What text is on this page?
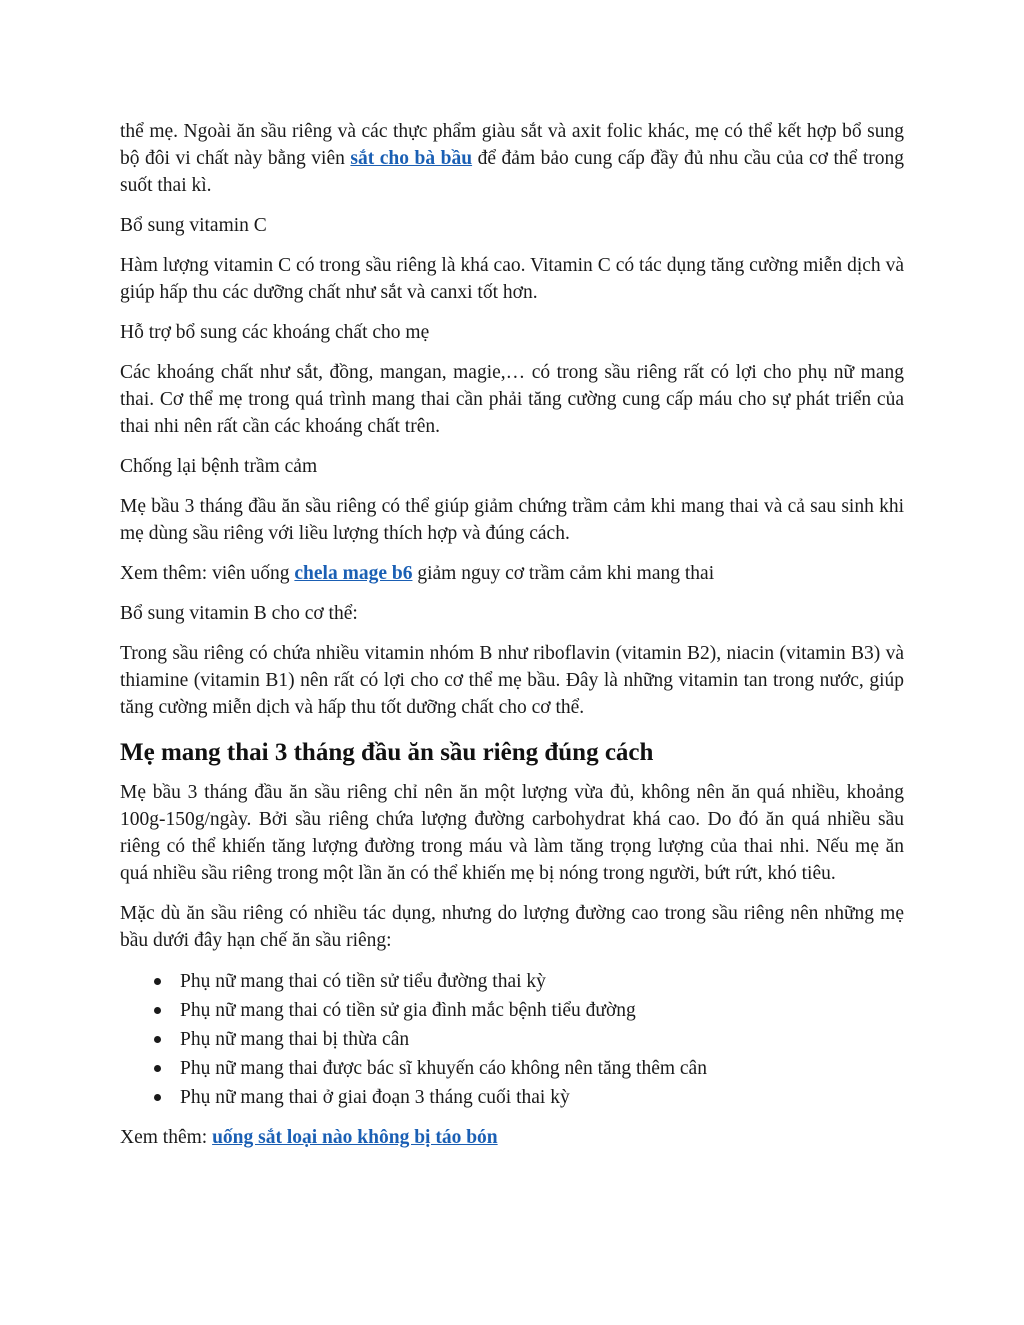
thể mẹ. Ngoài ăn sầu riêng và các thực phẩm giàu sắt và axit folic khác, mẹ có thể kết hợp bổ sung bộ đôi vi chất này bằng viên sắt cho bà bầu để đảm bảo cung cấp đầy đủ nhu cầu của cơ thể trong suốt thai kì.

Bổ sung vitamin C

Hàm lượng vitamin C có trong sầu riêng là khá cao. Vitamin C có tác dụng tăng cường miễn dịch và giúp hấp thu các dưỡng chất như sắt và canxi tốt hơn.

Hỗ trợ bổ sung các khoáng chất cho mẹ

Các khoáng chất như sắt, đồng, mangan, magie,… có trong sầu riêng rất có lợi cho phụ nữ mang thai. Cơ thể mẹ trong quá trình mang thai cần phải tăng cường cung cấp máu cho sự phát triển của thai nhi nên rất cần các khoáng chất trên.

Chống lại bệnh trầm cảm

Mẹ bầu 3 tháng đầu ăn sầu riêng có thể giúp giảm chứng trầm cảm khi mang thai và cả sau sinh khi mẹ dùng sầu riêng với liều lượng thích hợp và đúng cách.

Xem thêm: viên uống chela mage b6 giảm nguy cơ trầm cảm khi mang thai

Bổ sung vitamin B cho cơ thể:

Trong sầu riêng có chứa nhiều vitamin nhóm B như riboflavin (vitamin B2), niacin (vitamin B3) và thiamine (vitamin B1) nên rất có lợi cho cơ thể mẹ bầu. Đây là những vitamin tan trong nước, giúp tăng cường miễn dịch và hấp thu tốt dưỡng chất cho cơ thể.

Mẹ mang thai 3 tháng đầu ăn sầu riêng đúng cách

Mẹ bầu 3 tháng đầu ăn sầu riêng chỉ nên ăn một lượng vừa đủ, không nên ăn quá nhiều, khoảng 100g-150g/ngày. Bởi sầu riêng chứa lượng đường carbohydrat khá cao. Do đó ăn quá nhiều sầu riêng có thể khiến tăng lượng đường trong máu và làm tăng trọng lượng của thai nhi. Nếu mẹ ăn quá nhiều sầu riêng trong một lần ăn có thể khiến mẹ bị nóng trong người, bứt rứt, khó tiêu.

Mặc dù ăn sầu riêng có nhiều tác dụng, nhưng do lượng đường cao trong sầu riêng nên những mẹ bầu dưới đây hạn chế ăn sầu riêng:

Phụ nữ mang thai có tiền sử tiểu đường thai kỳ
Phụ nữ mang thai có tiền sử gia đình mắc bệnh tiểu đường
Phụ nữ mang thai bị thừa cân
Phụ nữ mang thai được bác sĩ khuyến cáo không nên tăng thêm cân
Phụ nữ mang thai ở giai đoạn 3 tháng cuối thai kỳ

Xem thêm: uống sắt loại nào không bị táo bón
